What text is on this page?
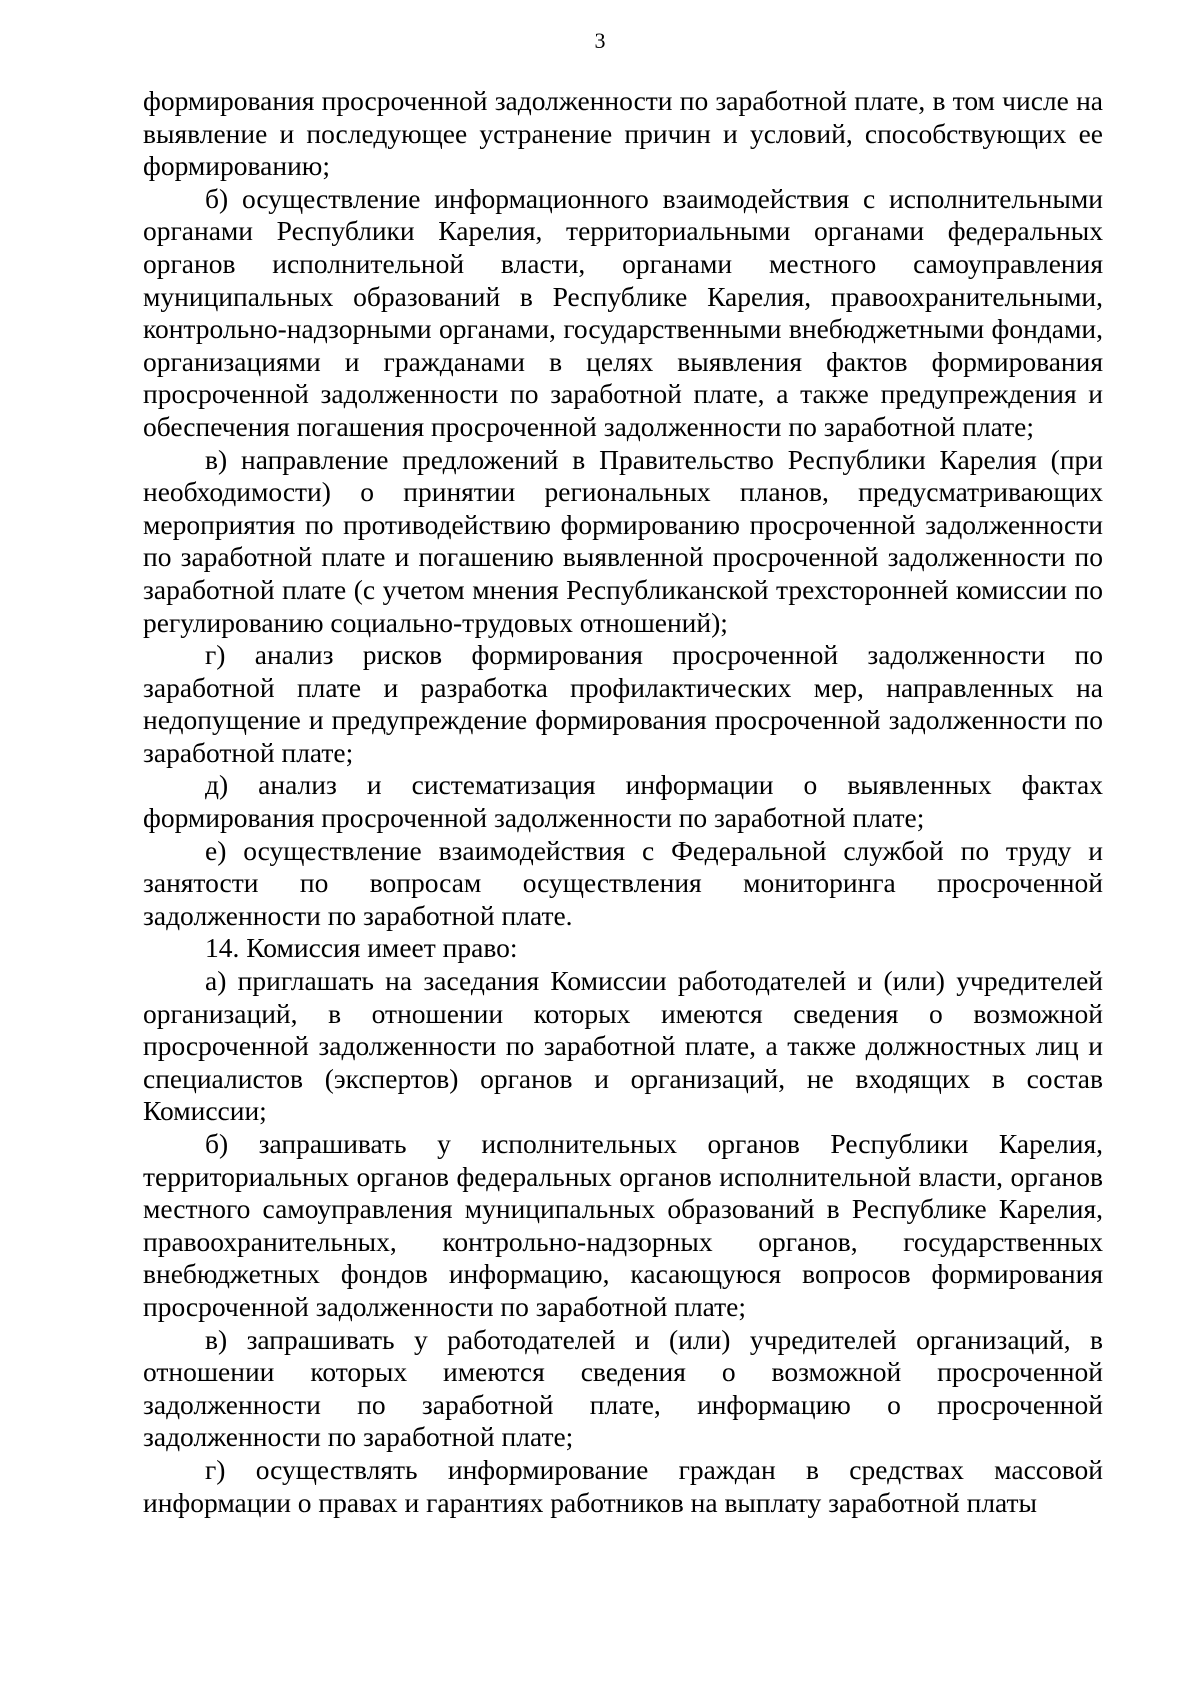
3

формирования просроченной задолженности по заработной плате, в том числе на выявление и последующее устранение причин и условий, способствующих ее формированию;

б) осуществление информационного взаимодействия с исполнительными органами Республики Карелия, территориальными органами федеральных органов исполнительной власти, органами местного самоуправления муниципальных образований в Республике Карелия, правоохранительными, контрольно-надзорными органами, государственными внебюджетными фондами, организациями и гражданами в целях выявления фактов формирования просроченной задолженности по заработной плате, а также предупреждения и обеспечения погашения просроченной задолженности по заработной плате;

в) направление предложений в Правительство Республики Карелия (при необходимости) о принятии региональных планов, предусматривающих мероприятия по противодействию формированию просроченной задолженности по заработной плате и погашению выявленной просроченной задолженности по заработной плате (с учетом мнения Республиканской трехсторонней комиссии по регулированию социально-трудовых отношений);

г) анализ рисков формирования просроченной задолженности по заработной плате и разработка профилактических мер, направленных на недопущение и предупреждение формирования просроченной задолженности по заработной плате;

д) анализ и систематизация информации о выявленных фактах формирования просроченной задолженности по заработной плате;

е) осуществление взаимодействия с Федеральной службой по труду и занятости по вопросам осуществления мониторинга просроченной задолженности по заработной плате.

14. Комиссия имеет право:

а) приглашать на заседания Комиссии работодателей и (или) учредителей организаций, в отношении которых имеются сведения о возможной просроченной задолженности по заработной плате, а также должностных лиц и специалистов (экспертов) органов и организаций, не входящих в состав Комиссии;

б) запрашивать у исполнительных органов Республики Карелия, территориальных органов федеральных органов исполнительной власти, органов местного самоуправления муниципальных образований в Республике Карелия, правоохранительных, контрольно-надзорных органов, государственных внебюджетных фондов информацию, касающуюся вопросов формирования просроченной задолженности по заработной плате;

в) запрашивать у работодателей и (или) учредителей организаций, в отношении которых имеются сведения о возможной просроченной задолженности по заработной плате, информацию о просроченной задолженности по заработной плате;

г) осуществлять информирование граждан в средствах массовой информации о правах и гарантиях работников на выплату заработной платы
